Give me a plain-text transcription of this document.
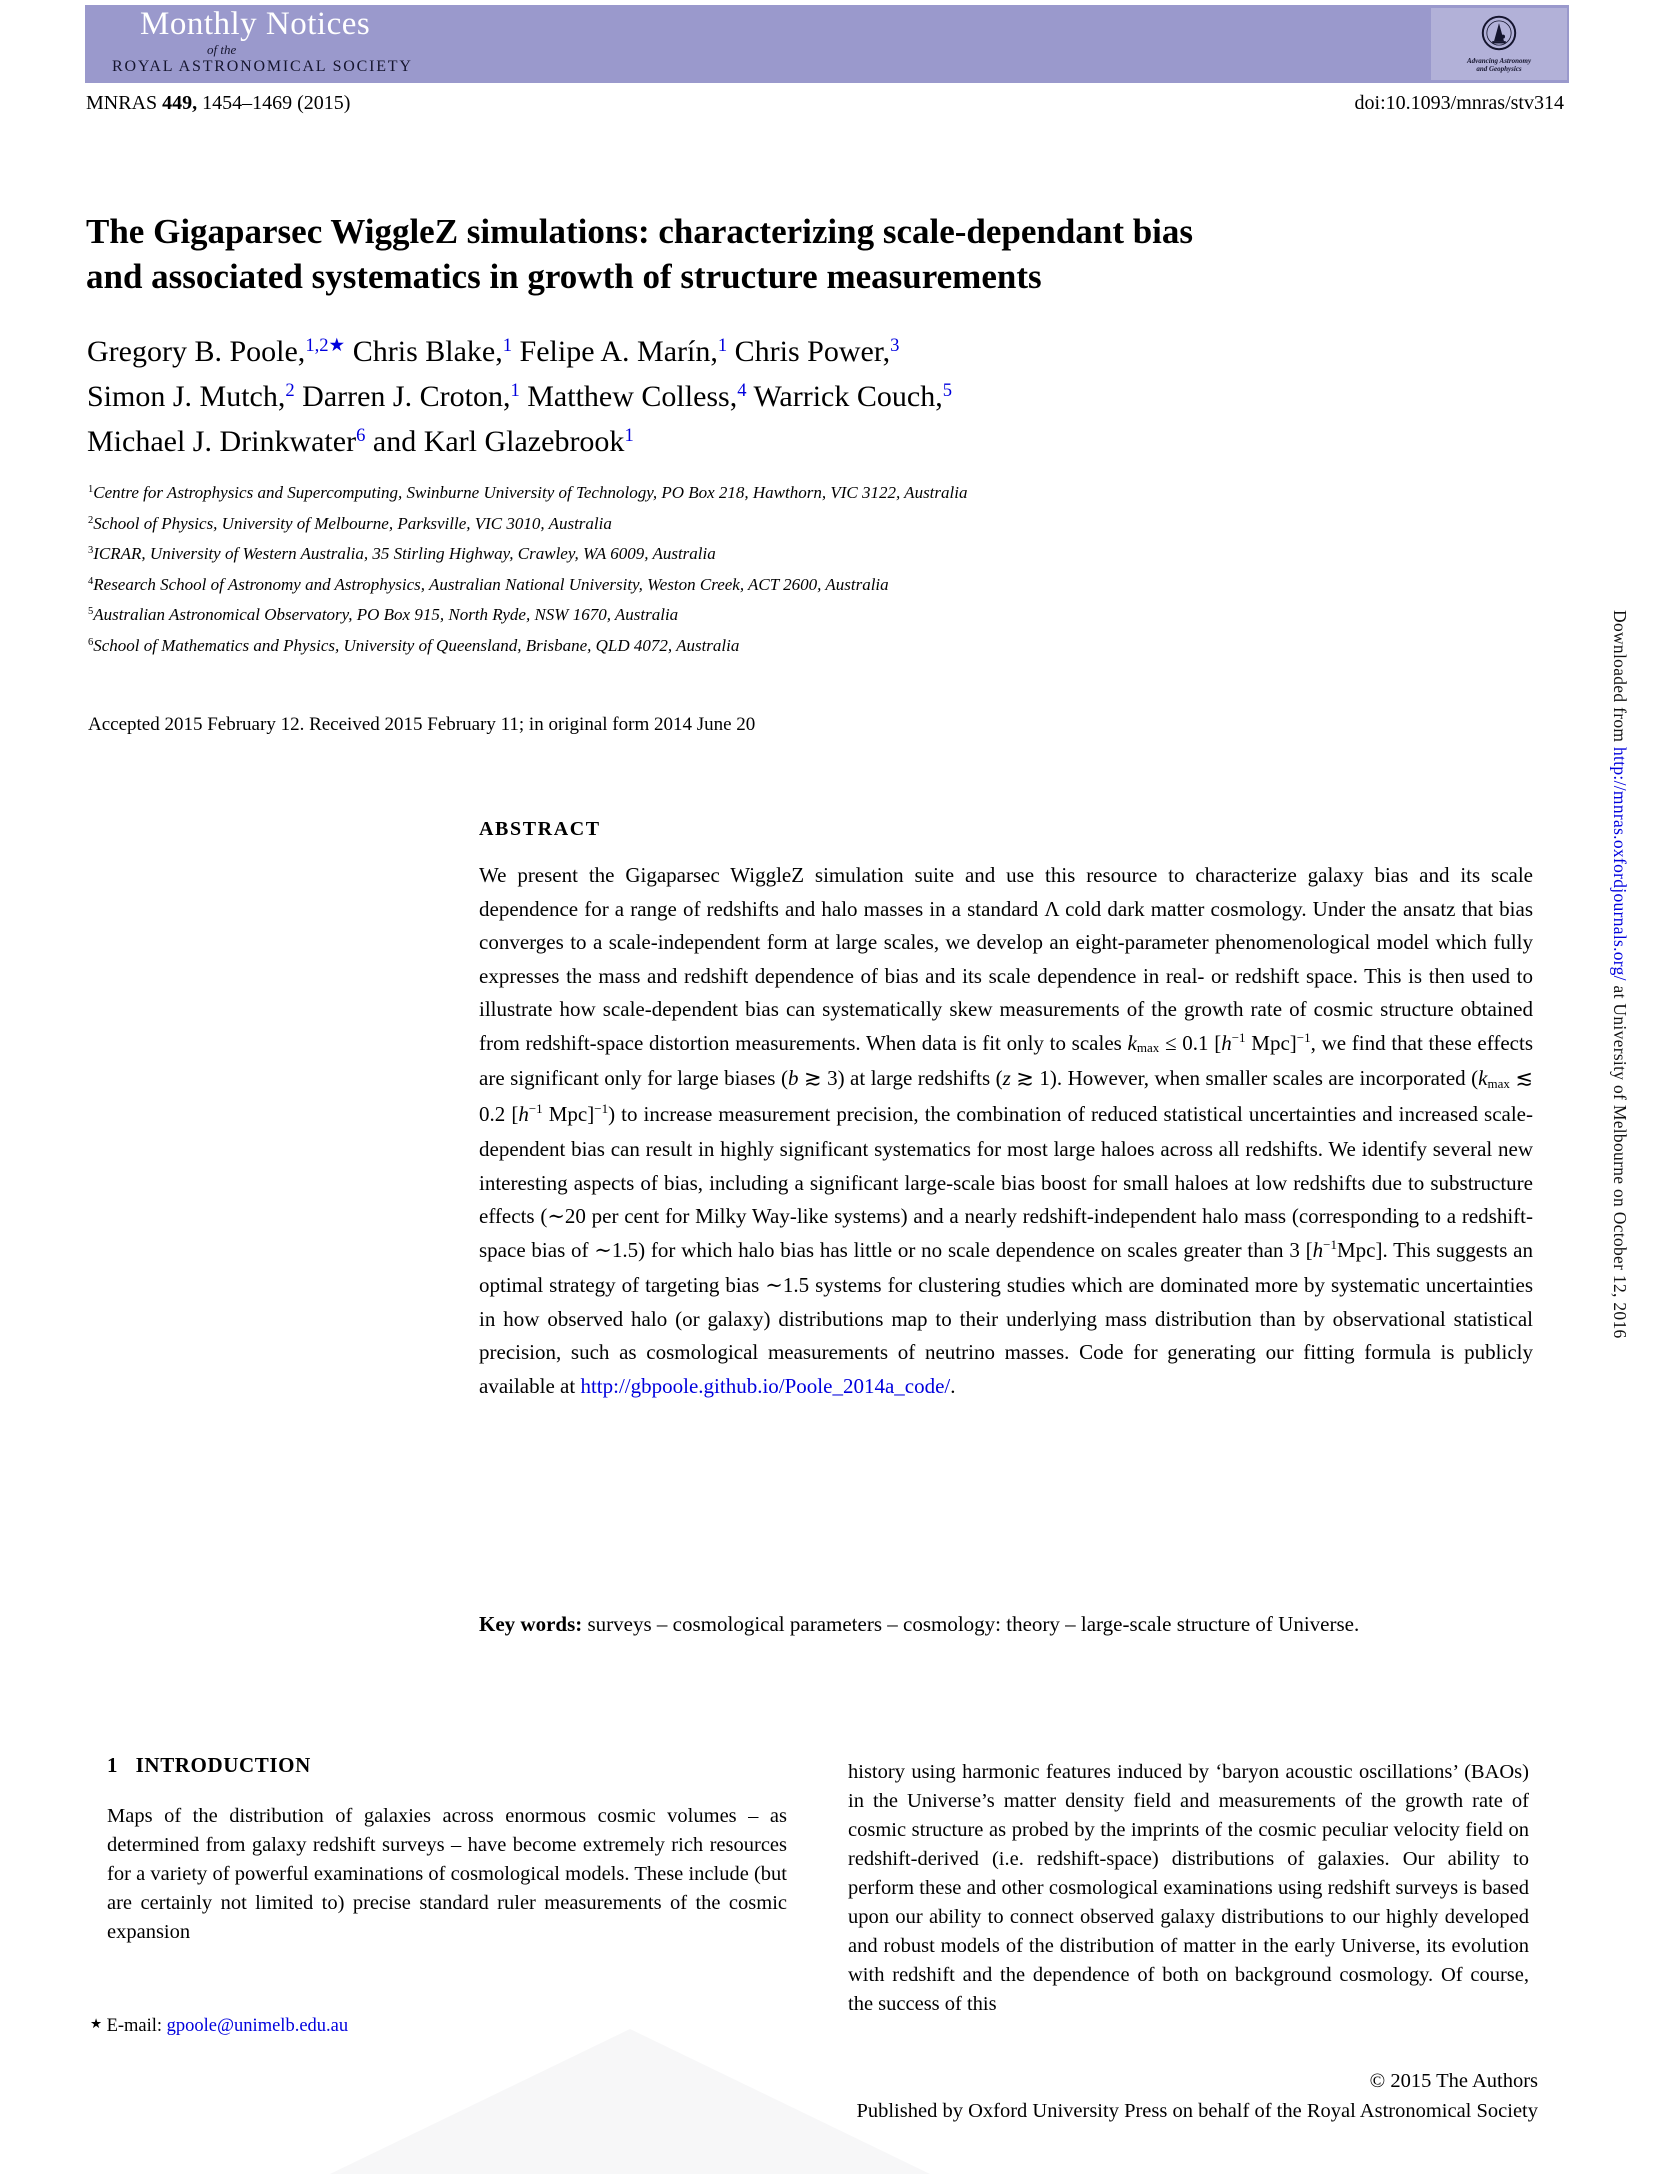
Downloaded from http://mnras.oxfordjournals.org/ at University of Melbourne on October 12, 2016
Monthly Notices
of the
ROYAL ASTRONOMICAL SOCIETY	Advancing Astronomy and Geophysics
MNRAS 449, 1454–1469 (2015)	doi:10.1093/mnras/stv314
The Gigaparsec WiggleZ simulations: characterizing scale-dependant bias and associated systematics in growth of structure measurements
Gregory B. Poole,$^{1,2★}$ Chris Blake,$^1$ Felipe A. Marín,$^1$ Chris Power,$^3$
Simon J. Mutch,$^2$ Darren J. Croton,$^1$ Matthew Colless,$^4$ Warrick Couch,$^5$
Michael J. Drinkwater$^6$ and Karl Glazebrook$^1$
$^1$Centre for Astrophysics and Supercomputing, Swinburne University of Technology, PO Box 218, Hawthorn, VIC 3122, Australia
$^2$School of Physics, University of Melbourne, Parksville, VIC 3010, Australia
$^3$ICRAR, University of Western Australia, 35 Stirling Highway, Crawley, WA 6009, Australia
$^4$Research School of Astronomy and Astrophysics, Australian National University, Weston Creek, ACT 2600, Australia
$^5$Australian Astronomical Observatory, PO Box 915, North Ryde, NSW 1670, Australia
$^6$School of Mathematics and Physics, University of Queensland, Brisbane, QLD 4072, Australia
Accepted 2015 February 12. Received 2015 February 11; in original form 2014 June 20
ABSTRACT

We present the Gigaparsec WiggleZ simulation suite and use this resource to characterize galaxy bias and its scale dependence for a range of redshifts and halo masses in a standard Λ cold dark matter cosmology. Under the ansatz that bias converges to a scale-independent form at large scales, we develop an eight-parameter phenomenological model which fully expresses the mass and redshift dependence of bias and its scale dependence in real- or redshift space. This is then used to illustrate how scale-dependent bias can systematically skew measurements of the growth rate of cosmic structure obtained from redshift-space distortion measurements. When data is fit only to scales kmax ≤ 0.1 [$h^{-1}$ Mpc]$^{-1}$, we find that these effects are significant only for large biases (b ≳ 3) at large redshifts (z ≳ 1). However, when smaller scales are incorporated (kmax ≲ 0.2 [$h^{-1}$ Mpc]$^{-1}$) to increase measurement precision, the combination of reduced statistical uncertainties and increased scale-dependent bias can result in highly significant systematics for most large haloes across all redshifts. We identify several new interesting aspects of bias, including a significant large-scale bias boost for small haloes at low redshifts due to substructure effects (∼20 per cent for Milky Way-like systems) and a nearly redshift-independent halo mass (corresponding to a redshift-space bias of ∼1.5) for which halo bias has little or no scale dependence on scales greater than 3 $[h^{-1}Mpc]$. This suggests an optimal strategy of targeting bias ∼1.5 systems for clustering studies which are dominated more by systematic uncertainties in how observed halo (or galaxy) distributions map to their underlying mass distribution than by observational statistical precision, such as cosmological measurements of neutrino masses. Code for generating our fitting formula is publicly available at http://gbpoole.github.io/Poole_2014a_code/.

Key words: surveys – cosmological parameters – cosmology: theory – large-scale structure of Universe.

1   INTRODUCTION

Maps of the distribution of galaxies across enormous cosmic volumes – as determined from galaxy redshift surveys – have become extremely rich resources for a variety of powerful examinations of cosmological models. These include (but are certainly not limited to) precise standard ruler measurements of the cosmic expansion

history using harmonic features induced by ‘baryon acoustic oscillations’ (BAOs) in the Universe’s matter density field and measurements of the growth rate of cosmic structure as probed by the imprints of the cosmic peculiar velocity field on redshift-derived (i.e. redshift-space) distributions of galaxies. Our ability to perform these and other cosmological examinations using redshift surveys is based upon our ability to connect observed galaxy distributions to our highly developed and robust models of the distribution of matter in the early Universe, its evolution with redshift and the dependence of both on background cosmology. Of course, the success of this

★ E-mail: gpoole@unimelb.edu.au
© 2015 The Authors
Published by Oxford University Press on behalf of the Royal Astronomical Society
